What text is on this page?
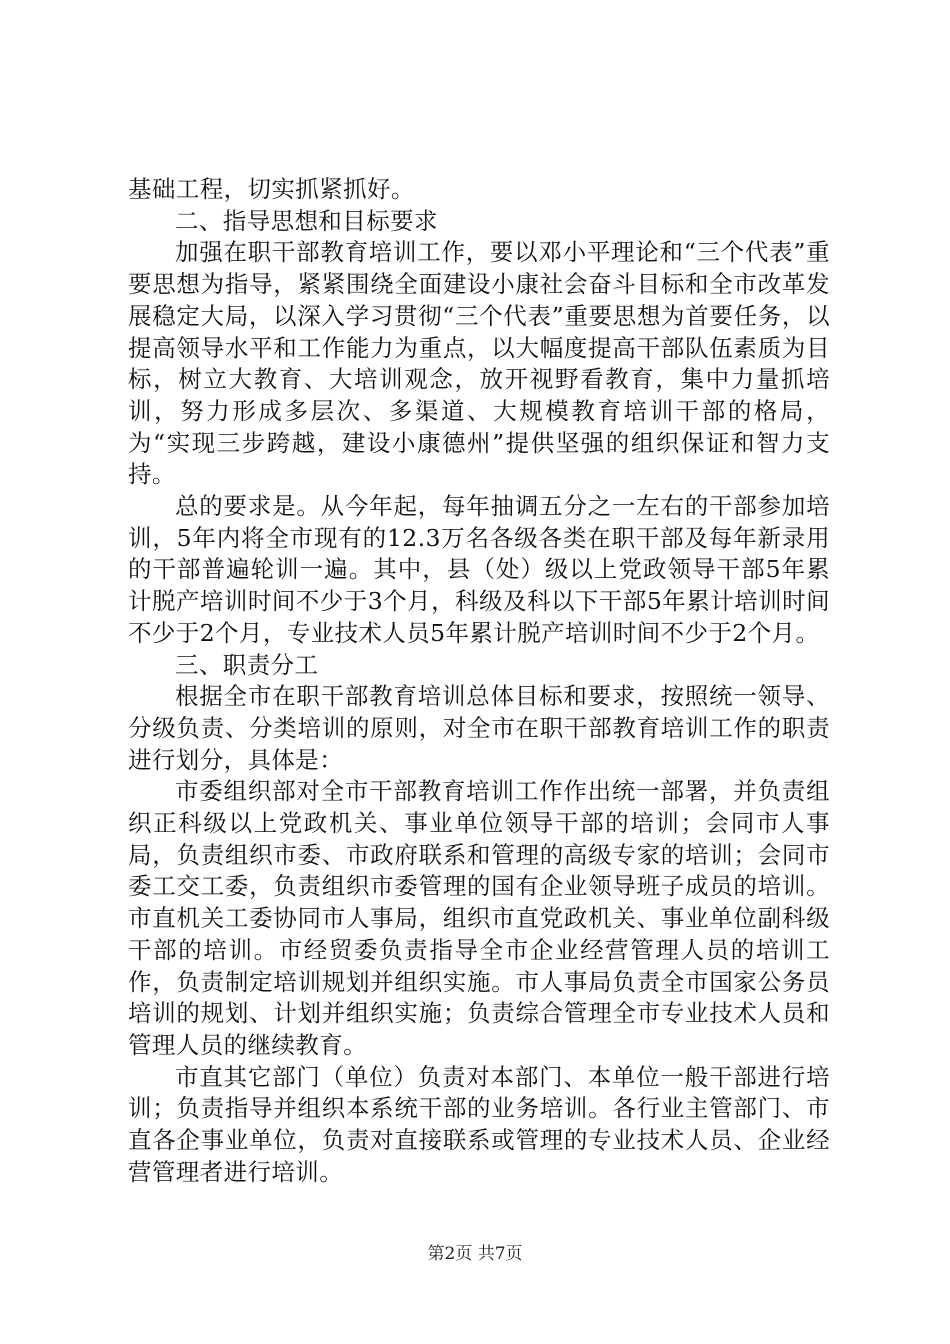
基础工程，切实抓紧抓好。

二、指导思想和目标要求

加强在职干部教育培训工作，要以邓小平理论和“三个代表”重要思想为指导，紧紧围绕全面建设小康社会奋斗目标和全市改革发展稳定大局，以深入学习贯彻“三个代表”重要思想为首要任务，以提高领导水平和工作能力为重点，以大幅度提高干部队伍素质为目标，树立大教育、大培训观念，放开视野看教育，集中力量抓培训，努力形成多层次、多渠道、大规模教育培训干部的格局，为“实现三步跨越，建设小康德州”提供坚强的组织保证和智力支持。

总的要求是。从今年起，每年抽调五分之一左右的干部参加培训，5年内将全市现有的12.3万名各级各类在职干部及每年新录用的干部普遍轮训一遍。其中，县（处）级以上党政领导干部5年累计脱产培训时间不少于3个月，科级及科以下干部5年累计培训时间不少于2个月，专业技术人员5年累计脱产培训时间不少于2个月。

三、职责分工

根据全市在职干部教育培训总体目标和要求，按照统一领导、分级负责、分类培训的原则，对全市在职干部教育培训工作的职责进行划分，具体是：

市委组织部对全市干部教育培训工作作出统一部署，并负责组织正科级以上党政机关、事业单位领导干部的培训；会同市人事局，负责组织市委、市政府联系和管理的高级专家的培训；会同市委工交工委，负责组织市委管理的国有企业领导班子成员的培训。市直机关工委协同市人事局，组织市直党政机关、事业单位副科级干部的培训。市经贸委负责指导全市企业经营管理人员的培训工作，负责制定培训规划并组织实施。市人事局负责全市国家公务员培训的规划、计划并组织实施；负责综合管理全市专业技术人员和管理人员的继续教育。

市直其它部门（单位）负责对本部门、本单位一般干部进行培训；负责指导并组织本系统干部的业务培训。各行业主管部门、市直各企事业单位，负责对直接联系或管理的专业技术人员、企业经营管理者进行培训。

第2页 共7页
